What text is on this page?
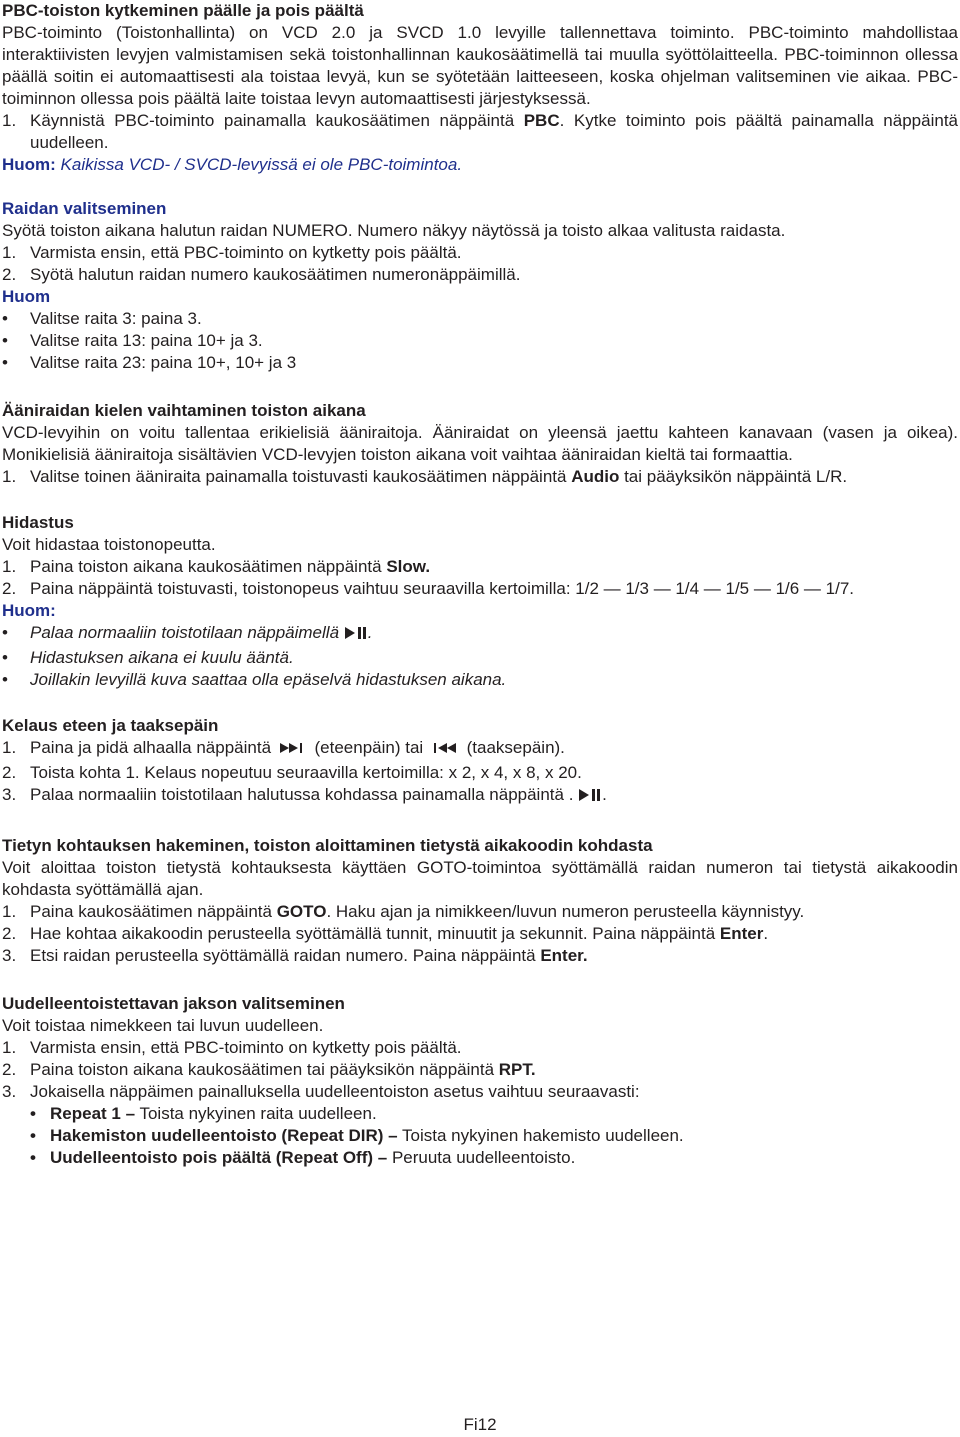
PBC-toiston kytkeminen päälle ja pois päältä

PBC-toiminto (Toistonhallinta) on VCD 2.0 ja SVCD 1.0 levyille tallennettava toiminto. PBC-toiminto mahdollistaa interaktiivisten levyjen valmistamisen sekä toistonhallinnan kaukosäätimellä tai muulla syöttölaitteella. PBC-toiminnon ollessa päällä soitin ei automaattisesti ala toistaa levyä, kun se syötetään laitteeseen, koska ohjelman valitseminen vie aikaa. PBC-toiminnon ollessa pois päältä laite toistaa levyn automaattisesti järjestyksessä.

1. Käynnistä PBC-toiminto painamalla kaukosäätimen näppäintä PBC. Kytke toiminto pois päältä painamalla näppäintä uudelleen.

Huom: Kaikissa VCD- / SVCD-levyissä ei ole PBC-toimintoa.

Raidan valitseminen

Syötä toiston aikana halutun raidan NUMERO. Numero näkyy näytössä ja toisto alkaa valitusta raidasta.

1. Varmista ensin, että PBC-toiminto on kytketty pois päältä.
2. Syötä halutun raidan numero kaukosäätimen numeronäppäimillä.

Huom

•	Valitse raita 3: paina 3.
•	Valitse raita 13: paina 10+ ja 3.
•	Valitse raita 23: paina 10+, 10+ ja 3
Ääniraidan kielen vaihtaminen toiston aikana

VCD-levyihin on voitu tallentaa erikielisiä ääniraitoja. Ääniraidat on yleensä jaettu kahteen kanavaan (vasen ja oikea). Monikielisiä ääniraitoja sisältävien VCD-levyjen toiston aikana voit vaihtaa ääniraidan kieltä tai formaattia.

1. Valitse toinen ääniraita painamalla toistuvasti kaukosäätimen näppäintä Audio tai pääyksikön näppäintä L/R.
Hidastus

Voit hidastaa toistonopeutta.

1. Paina toiston aikana kaukosäätimen näppäintä Slow.
2. Paina näppäintä toistuvasti, toistonopeus vaihtuu seuraavilla kertoimilla: 1/2 — 1/3 — 1/4 — 1/5 — 1/6 — 1/7.

Huom:

•	Palaa normaaliin toistotilaan näppäimellä .
•	Hidastuksen aikana ei kuulu ääntä.
•	Joillakin levyillä kuva saattaa olla epäselvä hidastuksen aikana.
Kelaus eteen ja taaksepäin
1. Paina ja pidä alhaalla näppäintä  (eteenpäin) tai  (taaksepäin).
2. Toista kohta 1. Kelaus nopeutuu seuraavilla kertoimilla: x 2, x 4, x 8, x 20.
3. Palaa normaaliin toistotilaan halutussa kohdassa painamalla näppäintä . .
Tietyn kohtauksen hakeminen, toiston aloittaminen tietystä aikakoodin kohdasta

Voit aloittaa toiston tietystä kohtauksesta käyttäen GOTO-toimintoa syöttämällä raidan numeron tai tietystä aikakoodin kohdasta syöttämällä ajan.

1. Paina kaukosäätimen näppäintä GOTO. Haku ajan ja nimikkeen/luvun numeron perusteella käynnistyy.
2. Hae kohtaa aikakoodin perusteella syöttämällä tunnit, minuutit ja sekunnit. Paina näppäintä Enter.
3. Etsi raidan perusteella syöttämällä raidan numero. Paina näppäintä Enter.
Uudelleentoistettavan jakson valitseminen

Voit toistaa nimekkeen tai luvun uudelleen.

1. Varmista ensin, että PBC-toiminto on kytketty pois päältä.
2. Paina toiston aikana kaukosäätimen tai pääyksikön näppäintä RPT.
3. Jokaisella näppäimen painalluksella uudelleentoiston asetus vaihtuu seuraavasti:
• Repeat 1 – Toista nykyinen raita uudelleen.
• Hakemiston uudelleentoisto (Repeat DIR) – Toista nykyinen hakemisto uudelleen.
• Uudelleentoisto pois päältä (Repeat Off) – Peruuta uudelleentoisto.
Fi12
